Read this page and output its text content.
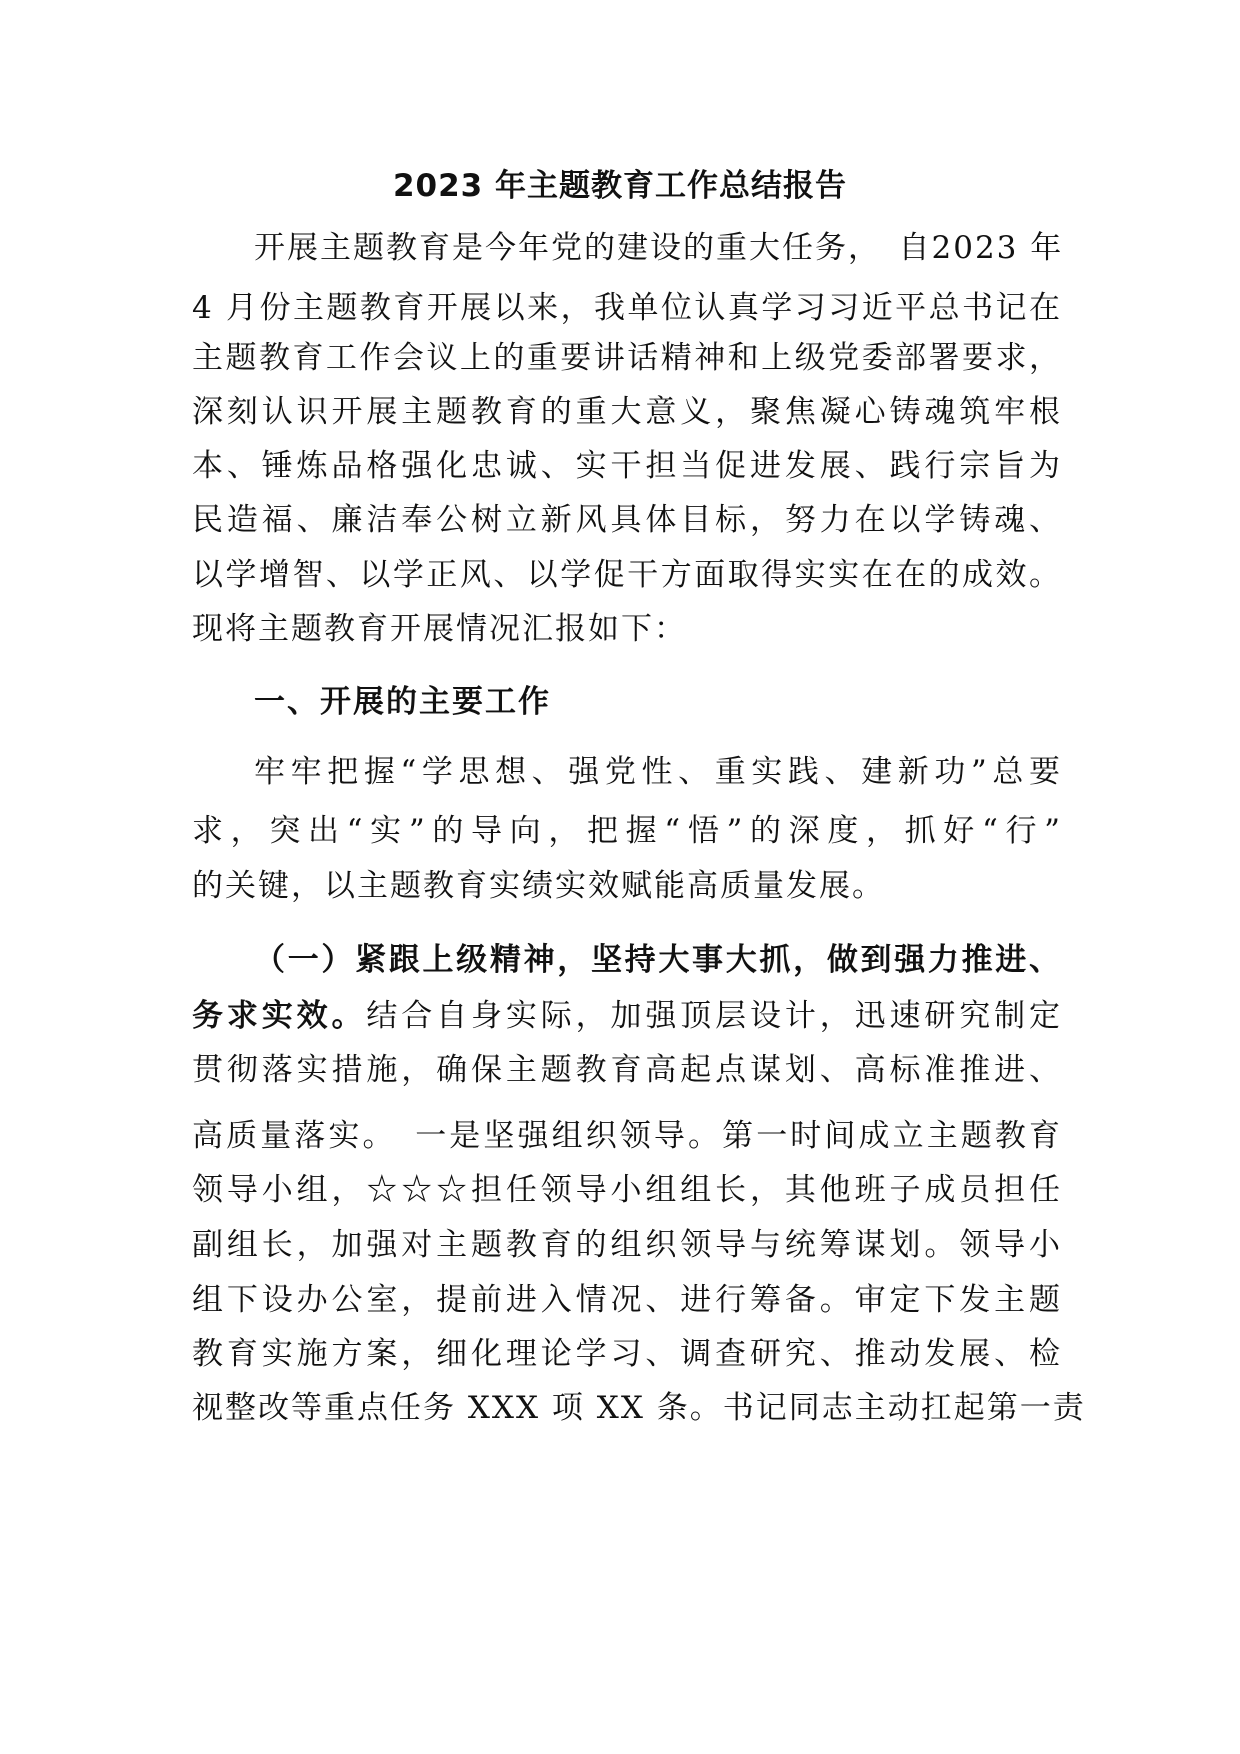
2023 年主题教育工作总结报告
开展主题教育是今年党的建设的重大任务，　自2023 年
4 月份主题教育开展以来，我单位认真学习习近平总书记在
主题教育工作会议上的重要讲话精神和上级党委部署要求，
深刻认识开展主题教育的重大意义，聚焦凝心铸魂筑牢根
本、锤炼品格强化忠诚、实干担当促进发展、践行宗旨为
民造福、廉洁奉公树立新风具体目标，努力在以学铸魂、
以学增智、以学正风、以学促干方面取得实实在在的成效。
现将主题教育开展情况汇报如下：
一、开展的主要工作
牢牢把握“学思想、强党性、重实践、建新功”总要
求，突出“实”的导向，把握“悟”的深度，抓好“行”
的关键，以主题教育实绩实效赋能高质量发展。
（一）紧跟上级精神，坚持大事大抓，做到强力推进、
务求实效。结合自身实际，加强顶层设计，迅速研究制定
贯彻落实措施，确保主题教育高起点谋划、高标准推进、
高质量落实。　一是坚强组织领导。第一时间成立主题教育
领导小组，☆☆☆担任领导小组组长，其他班子成员担任
副组长，加强对主题教育的组织领导与统筹谋划。领导小
组下设办公室，提前进入情况、进行筹备。审定下发主题
教育实施方案，细化理论学习、调查研究、推动发展、检
视整改等重点任务 XXX 项 XX 条。书记同志主动扛起第一责
